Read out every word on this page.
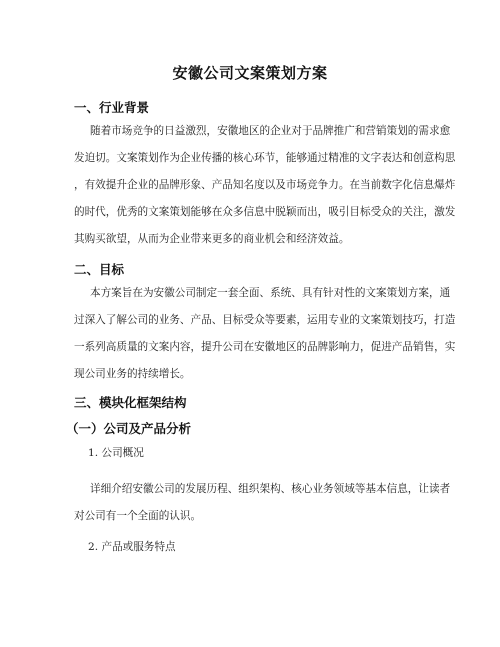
安徽公司文案策划方案
一、行业背景
随着市场竞争的日益激烈，安徽地区的企业对于品牌推广和营销策划的需求愈
发迫切。文案策划作为企业传播的核心环节，能够通过精准的文字表达和创意构思
，有效提升企业的品牌形象、产品知名度以及市场竞争力。在当前数字化信息爆炸
的时代，优秀的文案策划能够在众多信息中脱颖而出，吸引目标受众的关注，激发
其购买欲望，从而为企业带来更多的商业机会和经济效益。
二、目标
本方案旨在为安徽公司制定一套全面、系统、具有针对性的文案策划方案，通
过深入了解公司的业务、产品、目标受众等要素，运用专业的文案策划技巧，打造
一系列高质量的文案内容，提升公司在安徽地区的品牌影响力，促进产品销售，实
现公司业务的持续增长。
三、模块化框架结构
（一）公司及产品分析
1. 公司概况
详细介绍安徽公司的发展历程、组织架构、核心业务领域等基本信息，让读者
对公司有一个全面的认识。
2. 产品或服务特点
